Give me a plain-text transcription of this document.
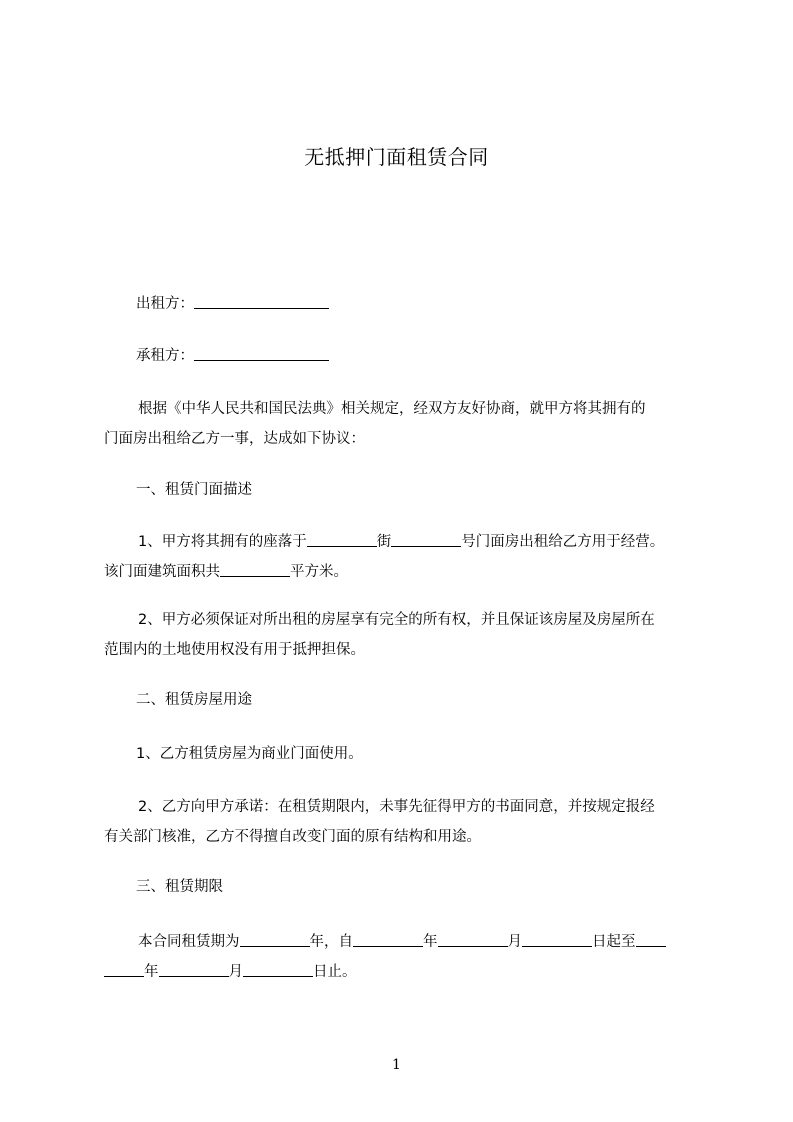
无抵押门面租赁合同
出租方：
承租方：
根据《中华人民共和国民法典》相关规定，经双方友好协商，就甲方将其拥有的
门面房出租给乙方一事，达成如下协议：
一、租赁门面描述
1、甲方将其拥有的座落于	街	号门面房出租给乙方用于经营。
该门面建筑面积共	平方米。
2、甲方必须保证对所出租的房屋享有完全的所有权，并且保证该房屋及房屋所在
范围内的土地使用权没有用于抵押担保。
二、租赁房屋用途
1、乙方租赁房屋为商业门面使用。
2、乙方向甲方承诺：在租赁期限内，未事先征得甲方的书面同意，并按规定报经
有关部门核准，乙方不得擅自改变门面的原有结构和用途。
三、租赁期限
本合同租赁期为	年，自	年	月	日起至
年	月	日止。
1
